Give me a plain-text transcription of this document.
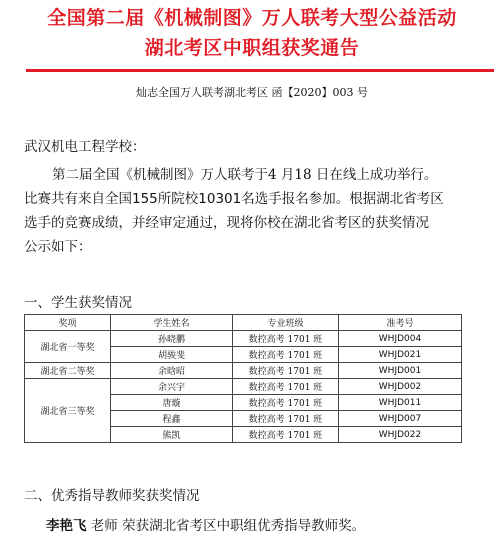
全国第二届《机械制图》万人联考大型公益活动
湖北考区中职组获奖通告
灿志全国万人联考湖北考区 函【2020】003 号
武汉机电工程学校：
第二届全国《机械制图》万人联考于4 月18 日在线上成功举行。
比赛共有来自全国155所院校10301名选手报名参加。根据湖北省考区
选手的竞赛成绩，并经审定通过，现将你校在湖北省考区的获奖情况
公示如下：
一、学生获奖情况
奖项	学生姓名	专业班级	准考号
湖北省一等奖	孙晓鹏	数控高考 1701 班	WHJD004
	胡骏斐	数控高考 1701 班	WHJD021
湖北省二等奖	余晗昭	数控高考 1701 班	WHJD001
湖北省三等奖	余兴宇	数控高考 1701 班	WHJD002
	唐璇	数控高考 1701 班	WHJD011
	程鑫	数控高考 1701 班	WHJD007
	熊凯	数控高考 1701 班	WHJD022
二、优秀指导教师奖获奖情况
李艳飞 老师 荣获湖北省考区中职组优秀指导教师奖。
